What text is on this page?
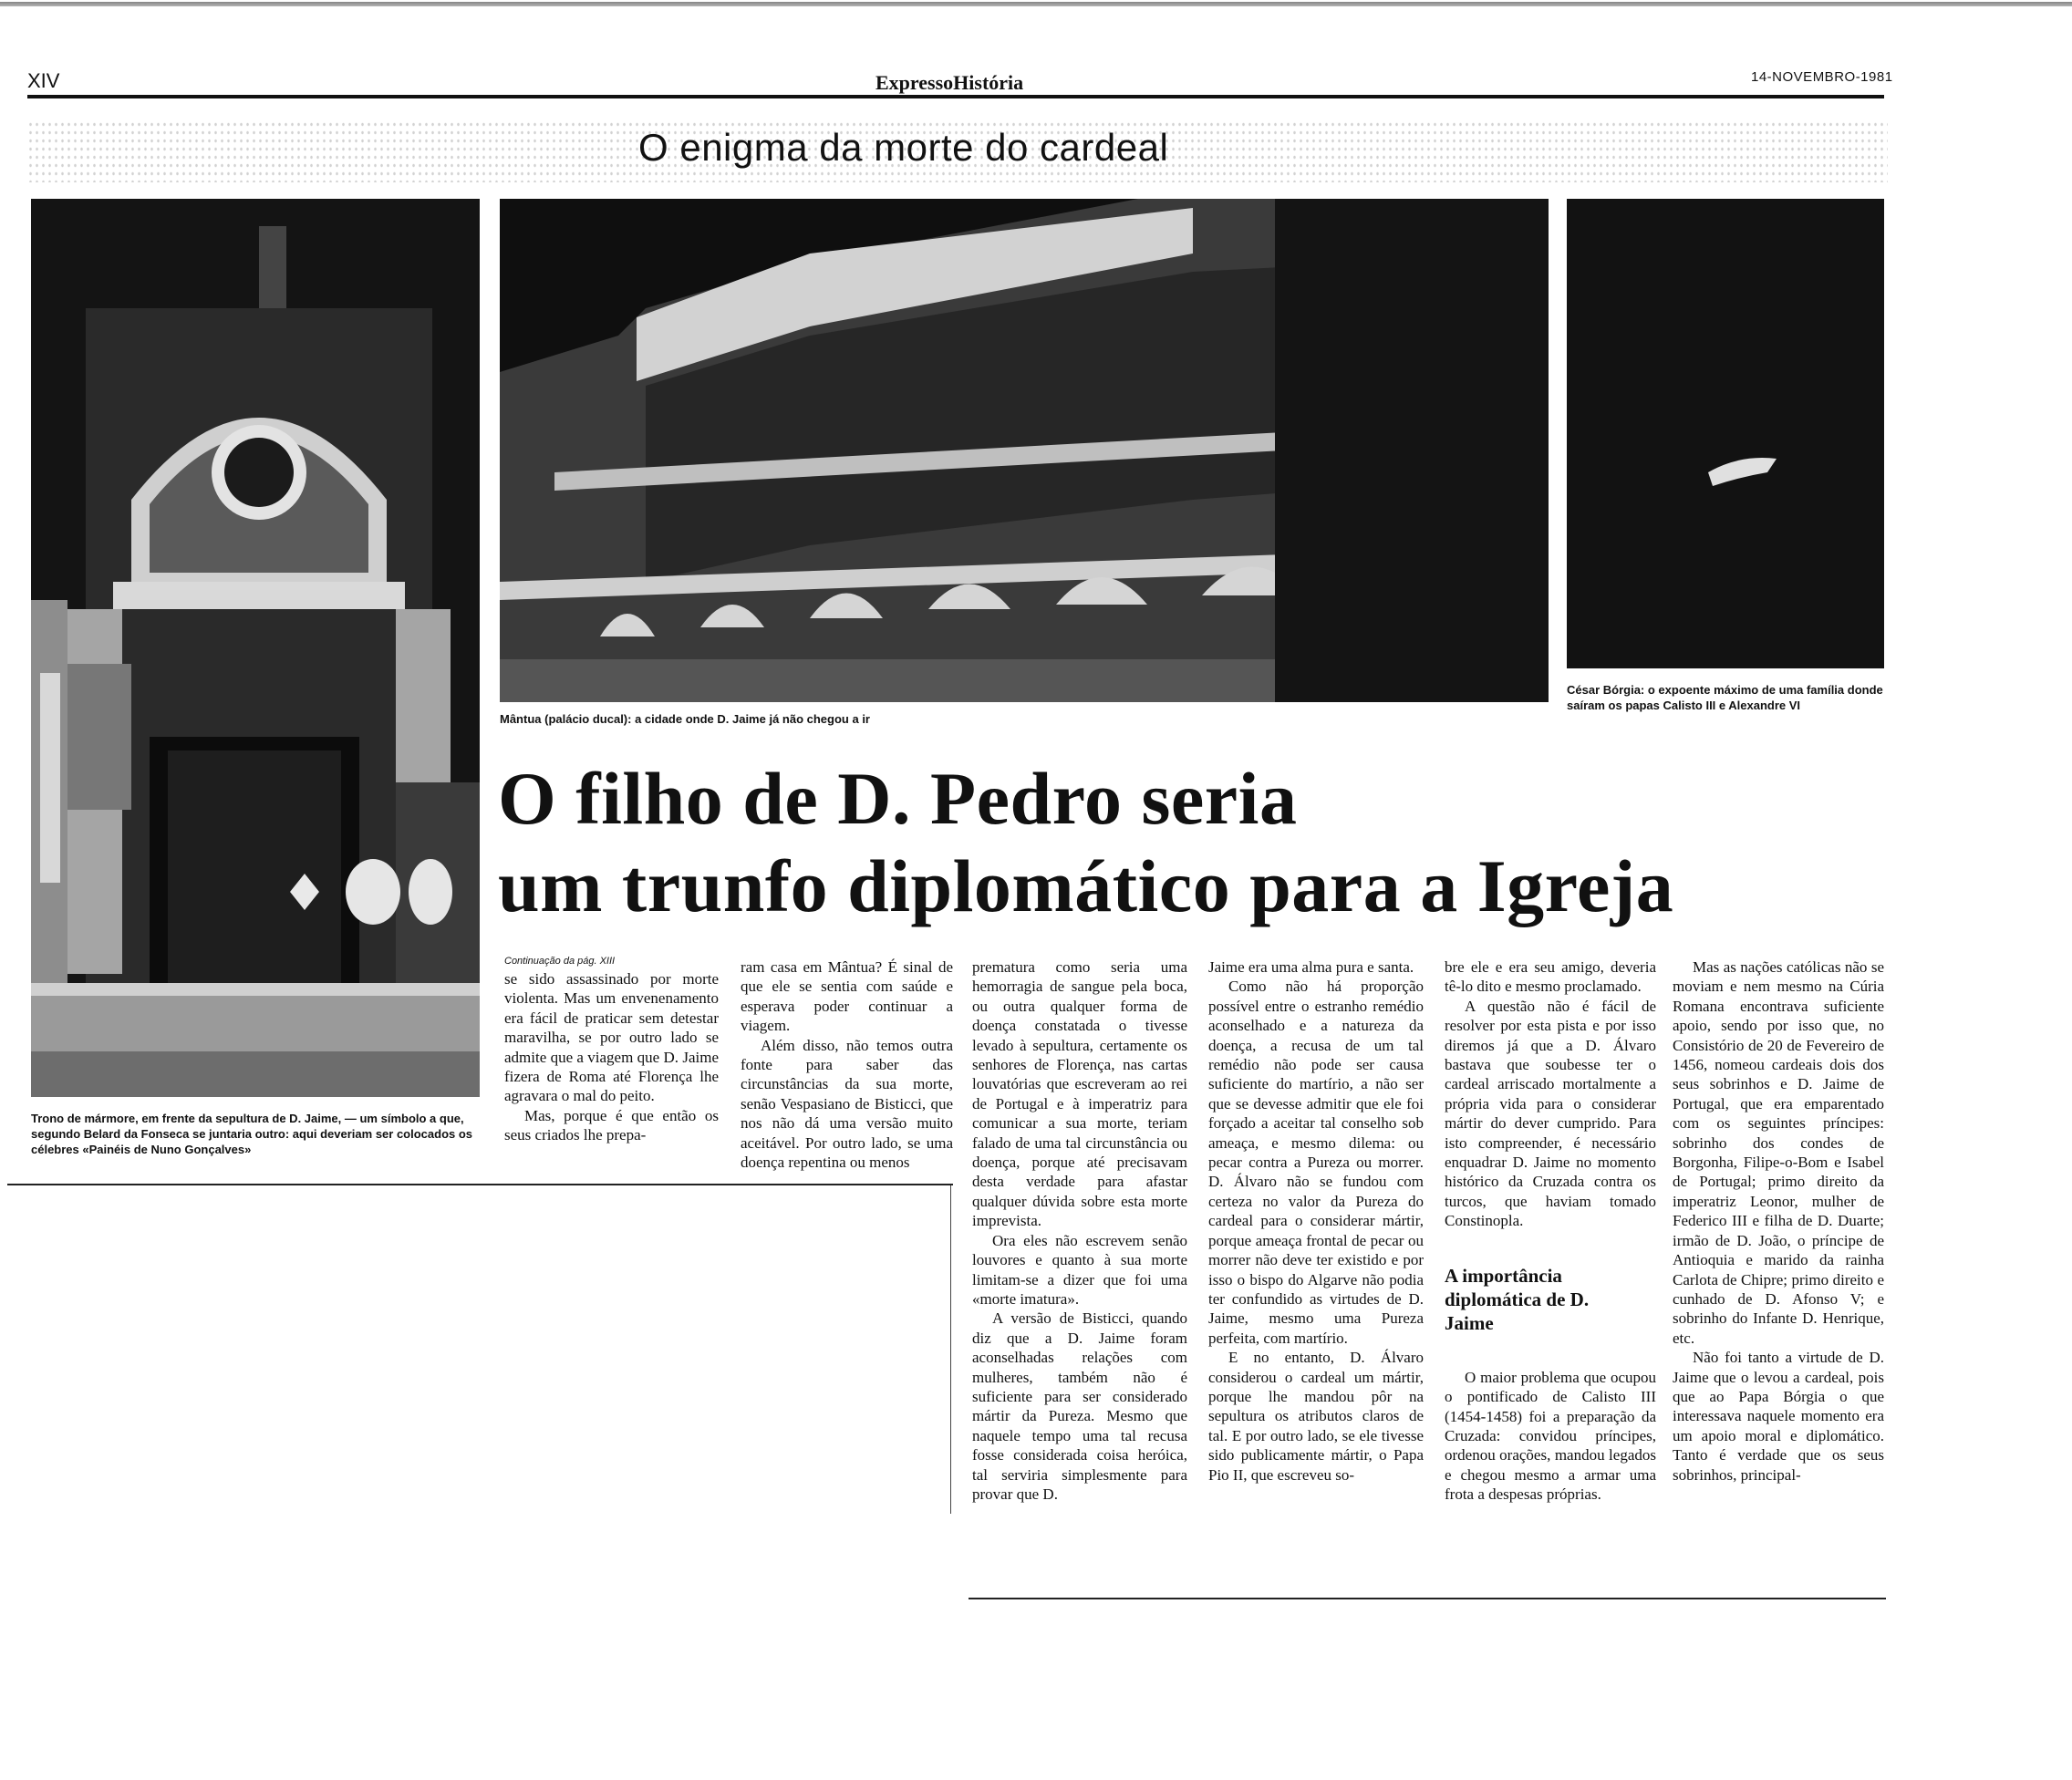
XIV	ExpressoHistória	14-NOVEMBRO-1981
O enigma da morte do cardeal
Trono de mármore, em frente da sepultura de D. Jaime, — um símbolo a que, segundo Belard da Fonseca se juntaria outro: aqui deveriam ser colocados os célebres «Painéis de Nuno Gonçalves»
Mântua (palácio ducal): a cidade onde D. Jaime já não chegou a ir
César Bórgia: o expoente máximo de uma família donde saíram os papas Calisto III e Alexandre VI
O filho de D. Pedro seria
um trunfo diplomático para a Igreja
Continuação da pág. XIII

se sido assassinado por morte violenta. Mas um envenenamento era fácil de praticar sem detestar maravilha, se por outro lado se admite que a viagem que D. Jaime fizera de Roma até Florença lhe agravara o mal do peito.

Mas, porque é que então os seus criados lhe prepa-

ram casa em Mântua? É sinal de que ele se sentia com saúde e esperava poder continuar a viagem.

Além disso, não temos outra fonte para saber das circunstâncias da sua morte, senão Vespasiano de Bisticci, que nos não dá uma versão muito aceitável. Por outro lado, se uma doença repentina ou menos

prematura como seria uma hemorragia de sangue pela boca, ou outra qualquer forma de doença constatada o tivesse levado à sepultura, certamente os senhores de Florença, nas cartas louvatórias que escreveram ao rei de Portugal e à imperatriz para comunicar a sua morte, teriam falado de uma tal circunstância ou doença, porque até precisavam desta verdade para afastar qualquer dúvida sobre esta morte imprevista.

Ora eles não escrevem senão louvores e quanto à sua morte limitam-se a dizer que foi uma «morte imatura».

A versão de Bisticci, quando diz que a D. Jaime foram aconselhadas relações com mulheres, também não é suficiente para ser considerado mártir da Pureza. Mesmo que naquele tempo uma tal recusa fosse considerada coisa heróica, tal serviria simplesmente para provar que D.

Jaime era uma alma pura e santa.

Como não há proporção possível entre o estranho remédio aconselhado e a natureza da doença, a recusa de um tal remédio não pode ser causa suficiente do martírio, a não ser que se devesse admitir que ele foi forçado a aceitar tal conselho sob ameaça, e mesmo dilema: ou pecar contra a Pureza ou morrer. D. Álvaro não se fundou com certeza no valor da Pureza do cardeal para o considerar mártir, porque ameaça frontal de pecar ou morrer não deve ter existido e por isso o bispo do Algarve não podia ter confundido as virtudes de D. Jaime, mesmo uma Pureza perfeita, com martírio.

E no entanto, D. Álvaro considerou o cardeal um mártir, porque lhe mandou pôr na sepultura os atributos claros de tal. E por outro lado, se ele tivesse sido publicamente mártir, o Papa Pio II, que escreveu so-

bre ele e era seu amigo, deveria tê-lo dito e mesmo proclamado.

A questão não é fácil de resolver por esta pista e por isso diremos já que a D. Álvaro bastava que soubesse ter o cardeal arriscado mortalmente a própria vida para o considerar mártir do dever cumprido. Para isto compreender, é necessário enquadrar D. Jaime no momento histórico da Cruzada contra os turcos, que haviam tomado Constinopla.

A importância diplomática de D. Jaime

O maior problema que ocupou o pontificado de Calisto III (1454-1458) foi a preparação da Cruzada: convidou príncipes, ordenou orações, mandou legados e chegou mesmo a armar uma frota a despesas próprias.

Mas as nações católicas não se moviam e nem mesmo na Cúria Romana encontrava suficiente apoio, sendo por isso que, no Consistório de 20 de Fevereiro de 1456, nomeou cardeais dois dos seus sobrinhos e D. Jaime de Portugal, que era emparentado com os seguintes príncipes: sobrinho dos condes de Borgonha, Filipe-o-Bom e Isabel de Portugal; primo direito da imperatriz Leonor, mulher de Federico III e filha de D. Duarte; irmão de D. João, o príncipe de Antioquia e marido da rainha Carlota de Chipre; primo direito e cunhado de D. Afonso V; e sobrinho do Infante D. Henrique, etc.

Não foi tanto a virtude de D. Jaime que o levou a cardeal, pois que ao Papa Bórgia o que interessava naquele momento era um apoio moral e diplomático. Tanto é verdade que os seus sobrinhos, principal-
